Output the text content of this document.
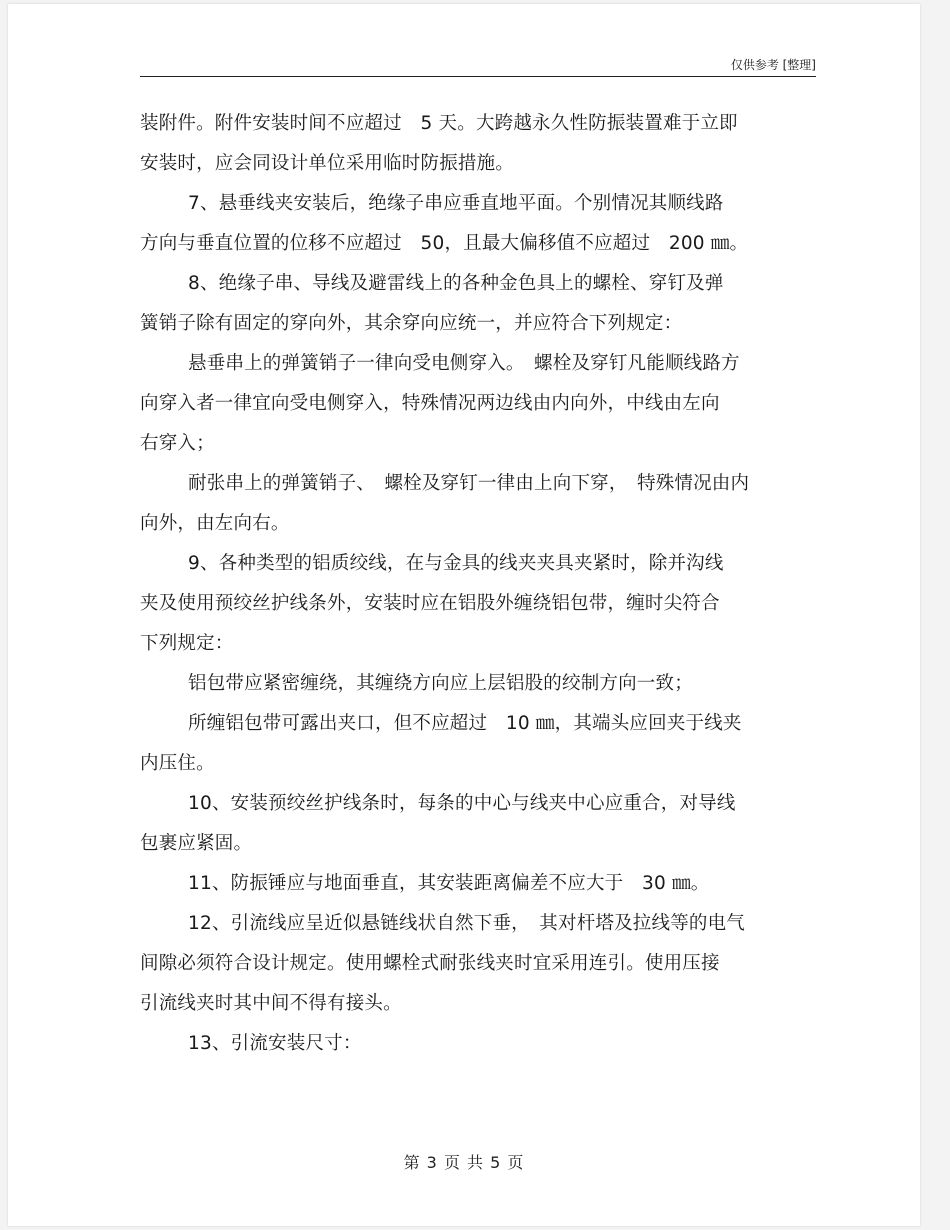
仅供参考 [整理]
装附件。附件安装时间不应超过　5 天。大跨越永久性防振装置难于立即
安装时，应会同设计单位采用临时防振措施。
7、悬垂线夹安装后，绝缘子串应垂直地平面。个别情况其顺线路
方向与垂直位置的位移不应超过　50，且最大偏移值不应超过　200 ㎜。
8、绝缘子串、导线及避雷线上的各种金色具上的螺栓、穿钉及弹
簧销子除有固定的穿向外，其余穿向应统一，并应符合下列规定：
悬垂串上的弹簧销子一律向受电侧穿入。　螺栓及穿钉凡能顺线路方
向穿入者一律宜向受电侧穿入，特殊情况两边线由内向外，中线由左向
右穿入；
耐张串上的弹簧销子、　螺栓及穿钉一律由上向下穿，　特殊情况由内
向外，由左向右。
9、各种类型的铝质绞线，在与金具的线夹夹具夹紧时，除并沟线
夹及使用预绞丝护线条外，安装时应在铝股外缠绕铝包带，缠时尖符合
下列规定：
铝包带应紧密缠绕，其缠绕方向应上层铝股的绞制方向一致；
所缠铝包带可露出夹口，但不应超过　10 ㎜，其端头应回夹于线夹
内压住。
10、安装预绞丝护线条时，每条的中心与线夹中心应重合，对导线
包裹应紧固。
11、防振锤应与地面垂直，其安装距离偏差不应大于　30 ㎜。
12、引流线应呈近似悬链线状自然下垂，　其对杆塔及拉线等的电气
间隙必须符合设计规定。使用螺栓式耐张线夹时宜采用连引。使用压接
引流线夹时其中间不得有接头。
13、引流安装尺寸：
第 3 页 共 5 页
